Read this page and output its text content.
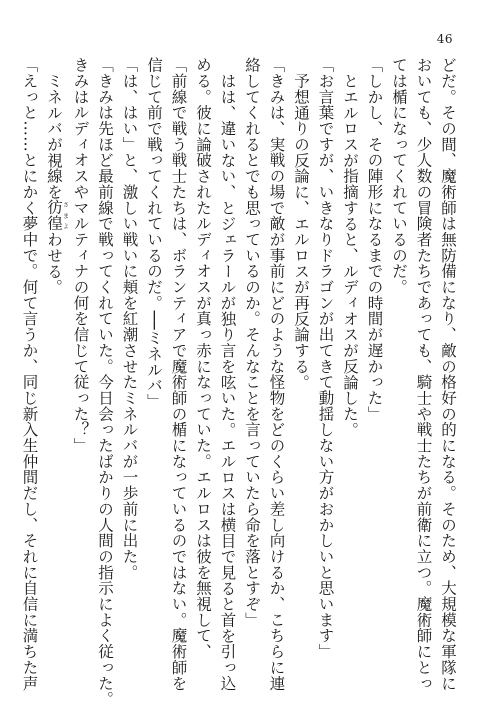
46
どだ。その間、魔術師は無防備になり、敵の格好の的になる。そのため、大規模な軍隊に
おいても、少人数の冒険者たちであっても、騎士や戦士たちが前衛に立つ。魔術師にとっ
ては楯になってくれているのだ。
「しかし、その陣形になるまでの時間が遅かった」
とエルロスが指摘すると、ルディオスが反論した。
「お言葉ですが、いきなりドラゴンが出てきて動揺しない方がおかしいと思います」
予想通りの反論に、エルロスが再反論する。
「きみは、実戦の場で敵が事前にどのような怪物をどのくらい差し向けるか、こちらに連
絡してくれるとでも思っているのか。そんなことを言っていたら命を落とすぞ」
はは、違いない、とジェラールが独り言を呟いた。エルロスは横目で見ると首を引っ込
める。彼に論破されたルディオスが真っ赤になっていた。エルロスは彼を無視して、
「前線で戦う戦士たちは、ボランティアで魔術師の楯になっているのではない。魔術師を
信じて前で戦ってくれているのだ。──ミネルバ」
「は、はい」と、激しい戦いに頬を紅潮させたミネルバが一歩前に出た。
「きみは先ほど最前線で戦ってくれていた。今日会ったばかりの人間の指示によく従った。
きみはルディオスやマルティナの何を信じて従った？」
ミネルバが視線を彷徨さまよわせる。
「えっと……とにかく夢中で。何て言うか、同じ新入生仲間だし、それに自信に満ちた声
